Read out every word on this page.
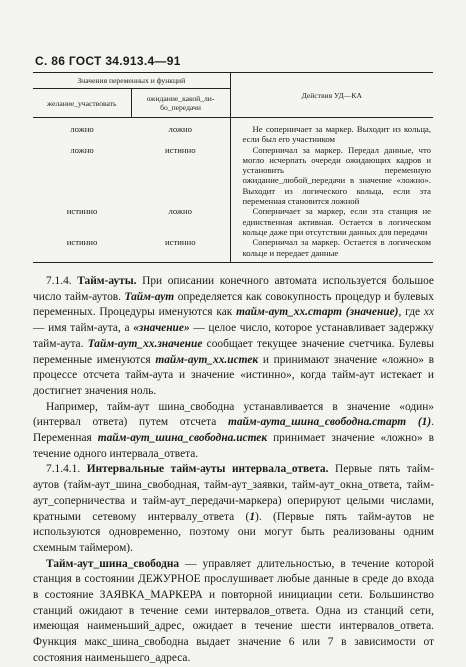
С. 86 ГОСТ 34.913.4—91
Значения переменных и функций		Действия УД—КА
желание_участвовать	ожидание_какой_ли-бо_передачи	
ложно	ложно	Не соперничает за маркер. Выходит из кольца, если был его участником
ложно	истинно	Соперничал за маркер. Передал данные, что могло исчерпать очереди ожидающих кадров и установить переменную ожидание_любой_передачи в значение «ложно». Выходит из логического кольца, если эта переменная становится ложной
истинно	ложно	Соперничает за маркер, если эта станция не единственная активная. Остается в логическом кольце даже при отсутствии данных для передачи
истинно	истинно	Соперничал за маркер. Остается в логическом кольце и передает данные

7.1.4. Тайм-ауты. При описании конечного автомата используется большое число тайм-аутов. Тайм-аут определяется как совокупность процедур и булевых переменных. Процедуры именуются как тайм-аут_хх.старт (значение), где хх — имя тайм-аута, а «значение» — целое число, которое устанавливает задержку тайм-аута. Тайм-аут_хх.значение сообщает текущее значение счетчика. Булевы переменные именуются тайм-аут_хх.истек и принимают значение «ложно» в процессе отсчета тайм-аута и значение «истинно», когда тайм-аут истекает и достигнет значения ноль.

Например, тайм-аут шина_свободна устанавливается в значение «один» (интервал ответа) путем отсчета тайм-аута_шина_свободна.старт (1). Переменная тайм-аут_шина_свободна.истек принимает значение «ложно» в течение одного интервала_ответа.

7.1.4.1. Интервальные тайм-ауты интервала_ответа. Первые пять тайм-аутов (тайм-аут_шина_свободная, тайм-аут_заявки, тайм-аут_окна_ответа, тайм-аут_соперничества и тайм-аут_передачи-маркера) оперируют целыми числами, кратными сетевому интервалу_ответа (1). (Первые пять тайм-аутов не используются одновременно, поэтому они могут быть реализованы одним схемным таймером).

Тайм-аут_шина_свободна — управляет длительностью, в течение которой станция в состоянии ДЕЖУРНОЕ прослушивает любые данные в среде до входа в состояние ЗАЯВКА_МАРКЕРА и повторной инициации сети. Большинство станций ожидают в течение семи интервалов_ответа. Одна из станций сети, имеющая наименьший_адрес, ожидает в течение шести интервалов_ответа. Функция макс_шина_свободна выдает значение 6 или 7 в зависимости от состояния наименьшего_адреса.
